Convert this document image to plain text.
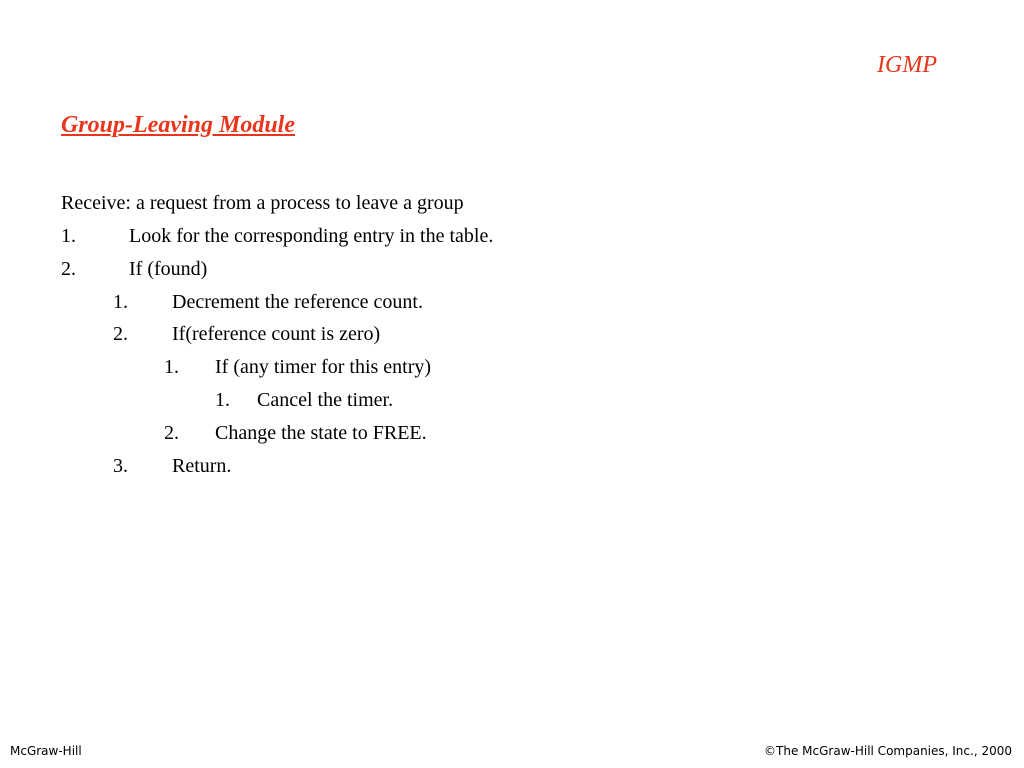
IGMP
Group-Leaving Module
Receive: a request from a process to leave a group
1.	Look for the corresponding entry in the table.
2.	If (found)
1. Decrement the reference count.
2. If(reference count is zero)
1. If (any timer for this entry)
1. Cancel the timer.
2. Change the state to FREE.
3. Return.
McGraw-Hill	©The McGraw-Hill Companies, Inc., 2000
